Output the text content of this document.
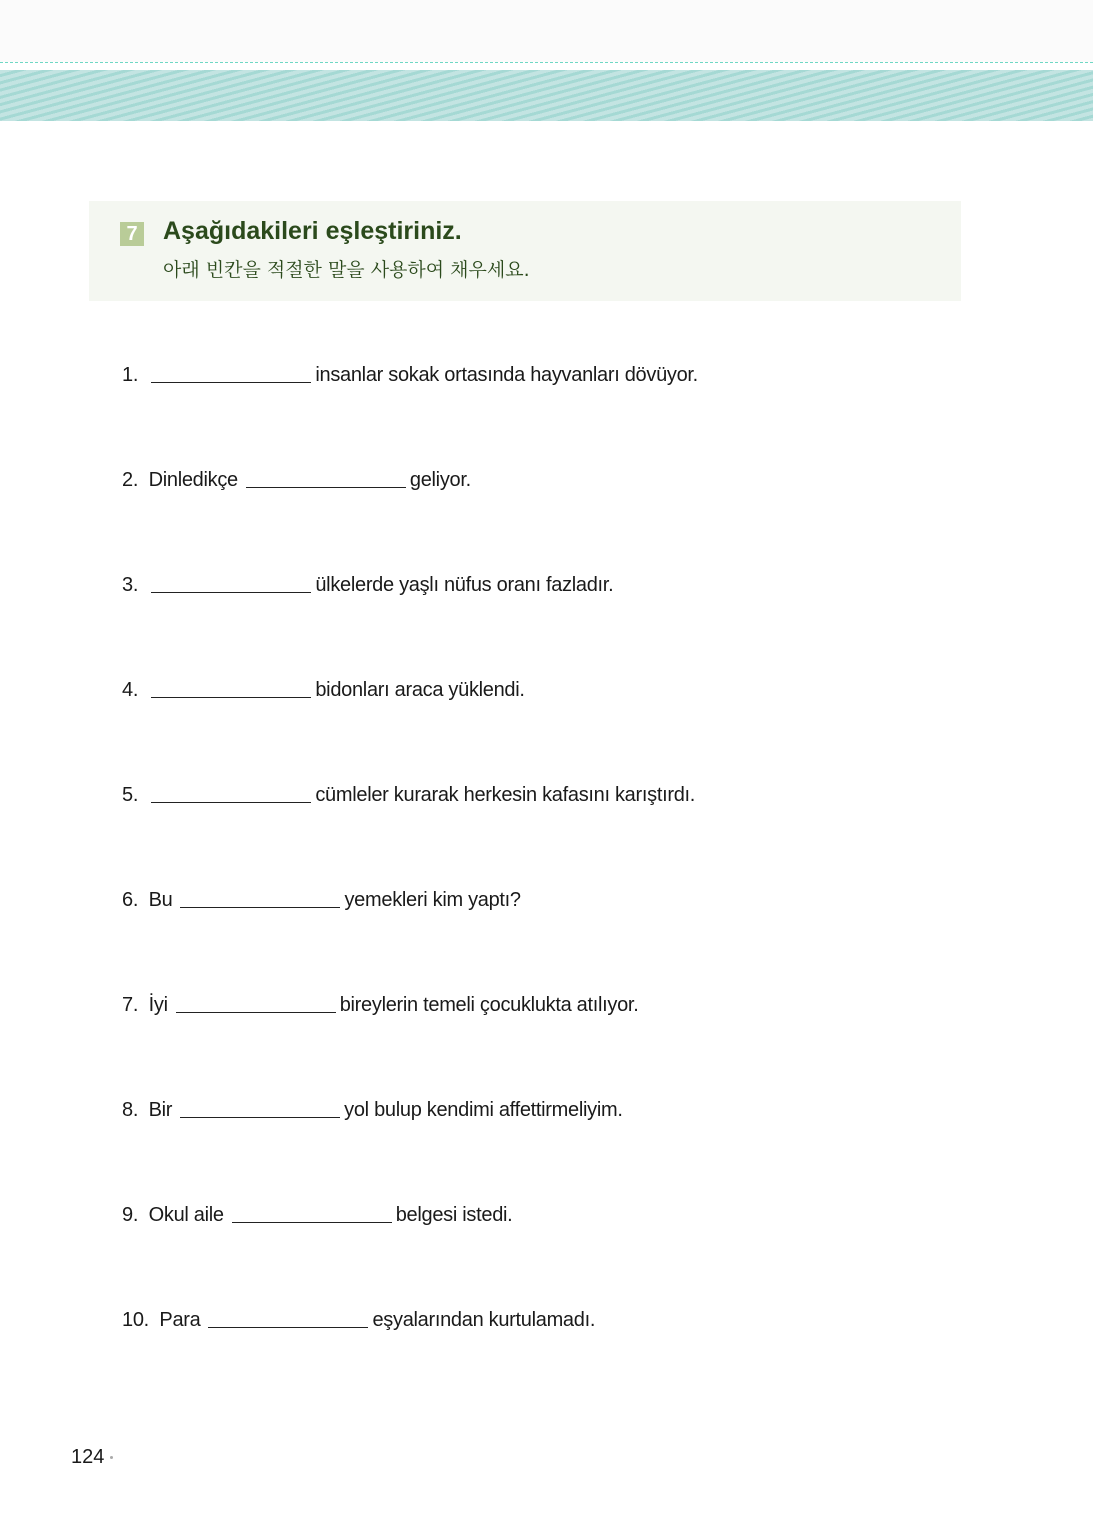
7 Aşağıdakileri eşleştiriniz.
아래 빈칸을 적절한 말을 사용하여 채우세요.
1.	insanlar sokak ortasında hayvanları dövüyor.
2. Dinledikçe	geliyor.
3.	ülkelerde yaşlı nüfus oranı fazladır.
4.	bidonları araca yüklendi.
5.	cümleler kurarak herkesin kafasını karıştırdı.
6. Bu	yemekleri kim yaptı?
7. İyi	bireylerin temeli çocuklukta atılıyor.
8. Bir	yol bulup kendimi affettirmeliyim.
9. Okul aile	belgesi istedi.
10. Para	eşyalarından kurtulamadı.
124
